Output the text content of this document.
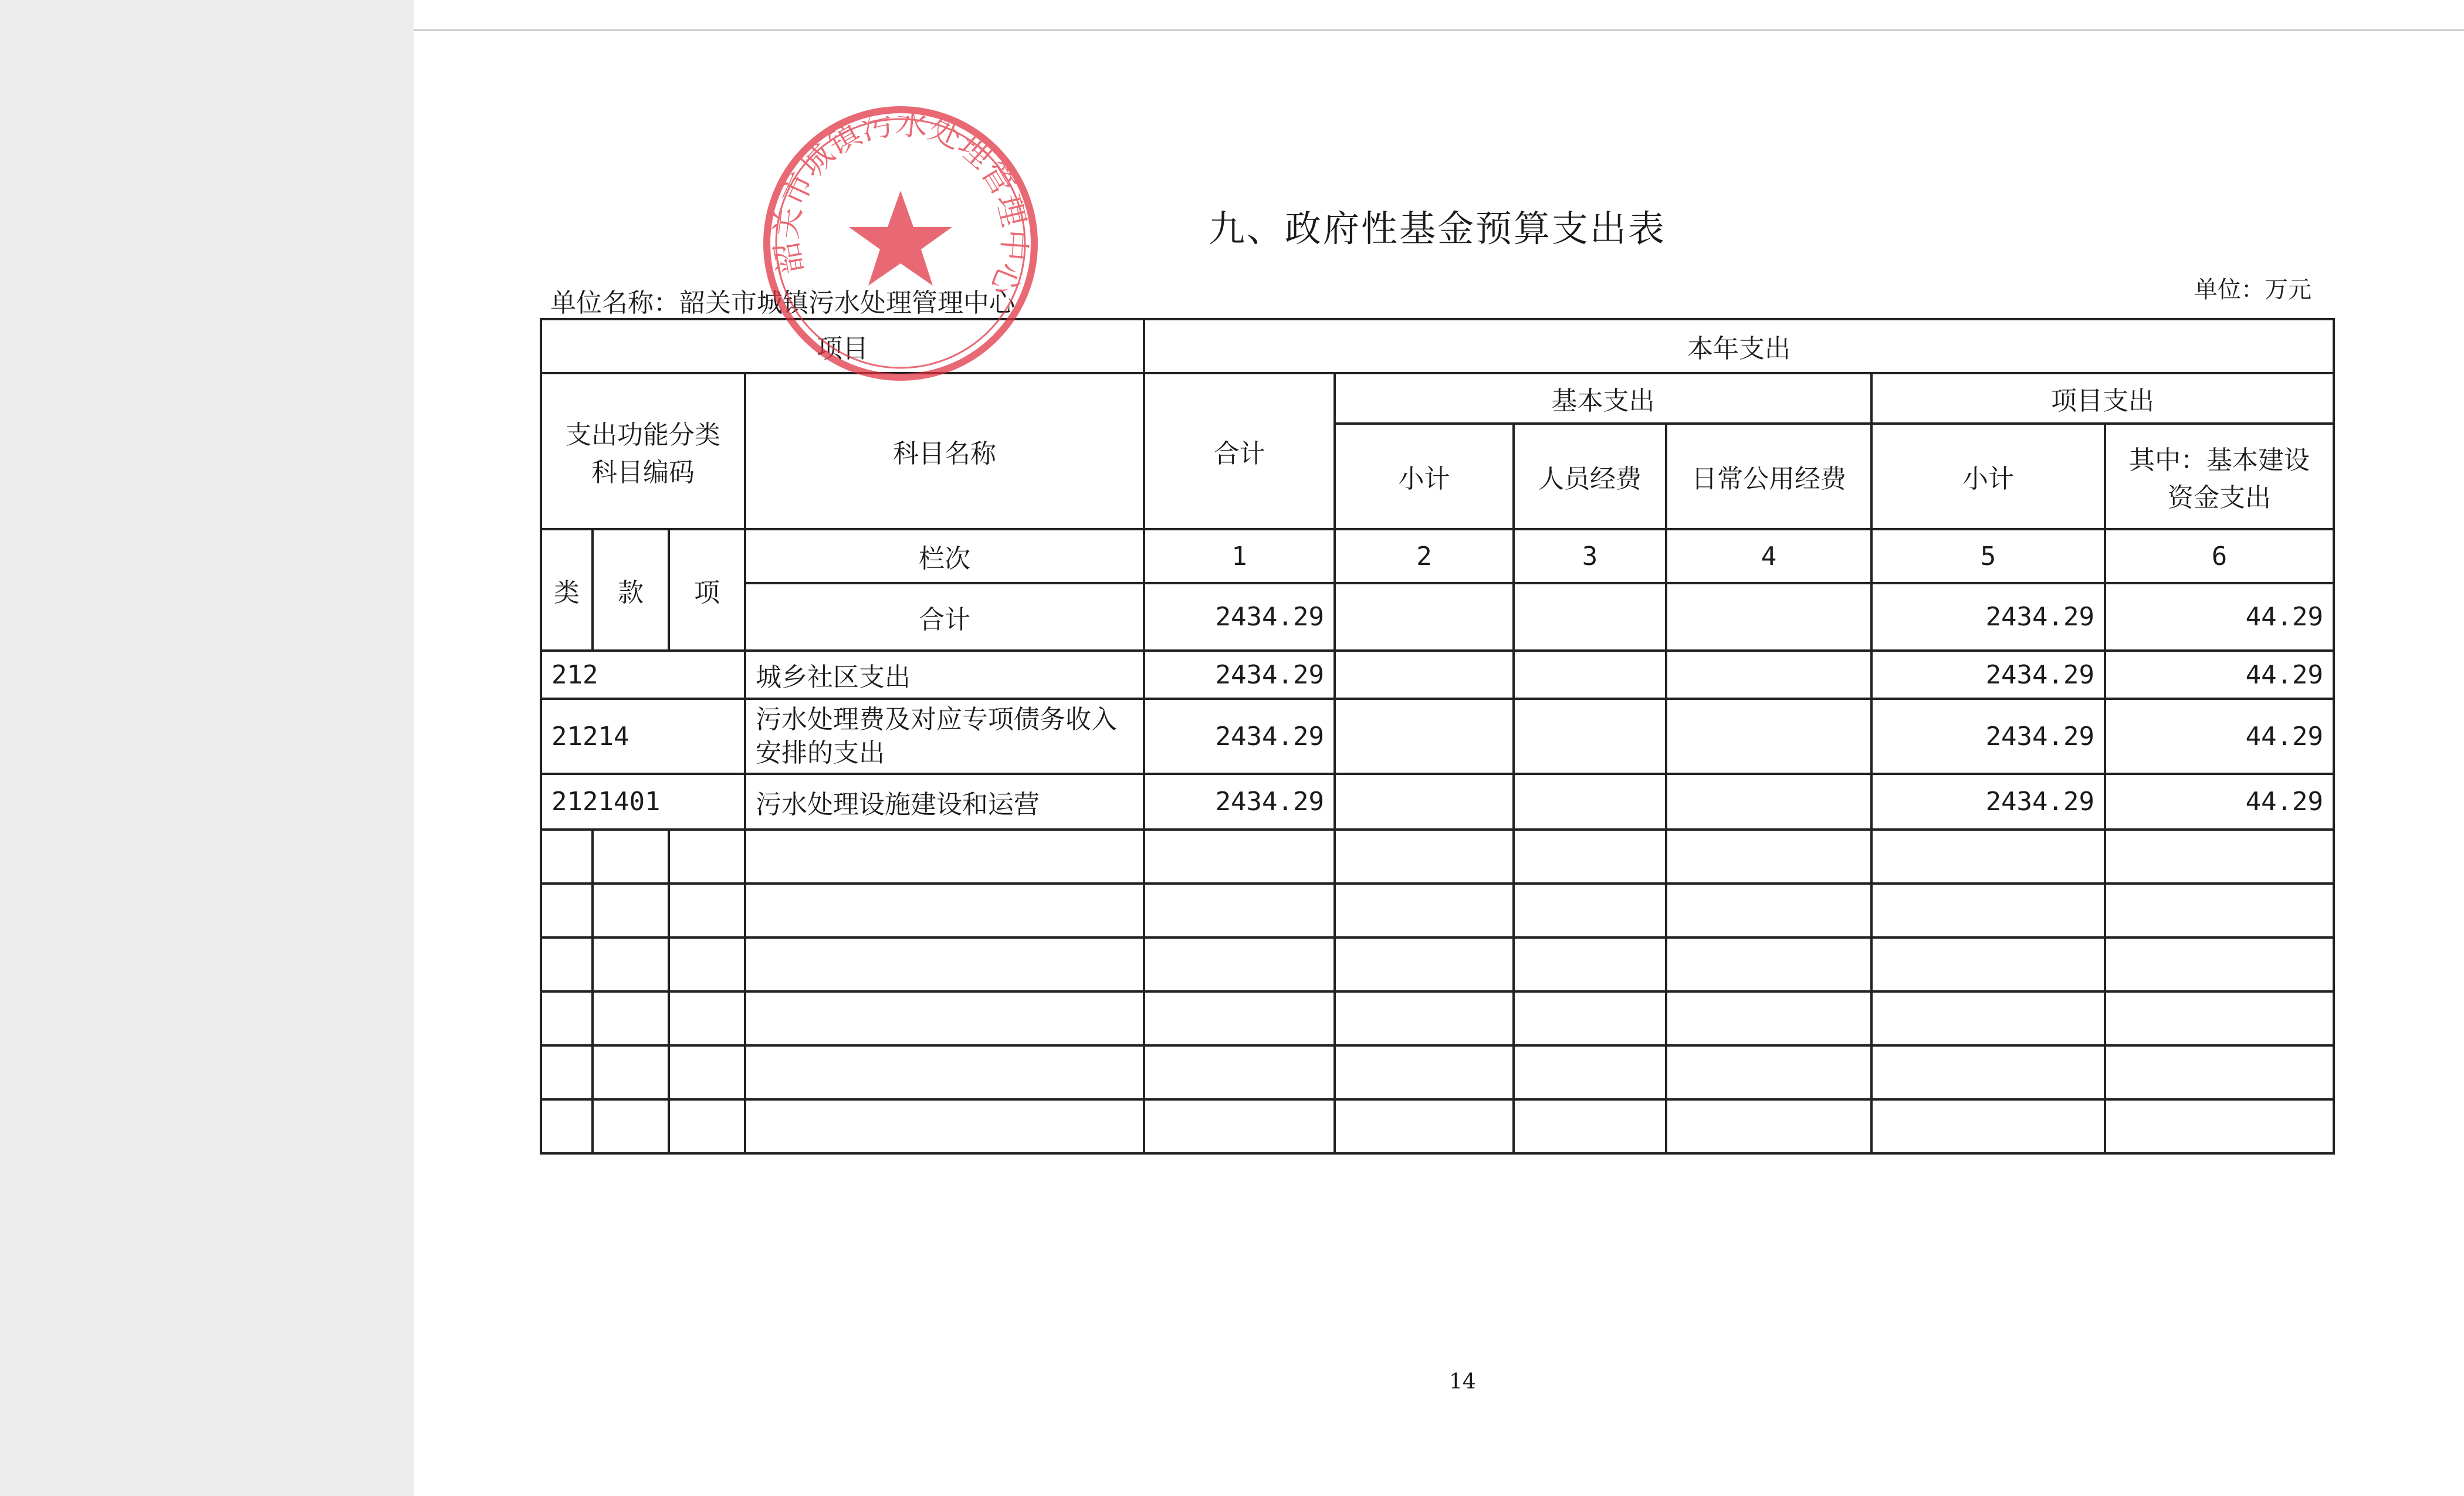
九、政府性基金预算支出表
单位名称：韶关市城镇污水处理管理中心	单位：万元
项目				本年支出					
支出功能分类
科目编码			科目名称	合计	基本支出			项目支出	
					小计	人员经费	日常公用经费	小计	其中：基本建设
资金支出
类	款	项	栏次	1	2	3	4	5	6
			合计	2434.29				2434.29	44.29
212			城乡社区支出	2434.29				2434.29	44.29
21214			污水处理费及对应专项债务收入安排的支出	2434.29				2434.29	44.29
2121401			污水处理设施建设和运营	2434.29				2434.29	44.29

韶关市城镇污水处理管理中心
14
